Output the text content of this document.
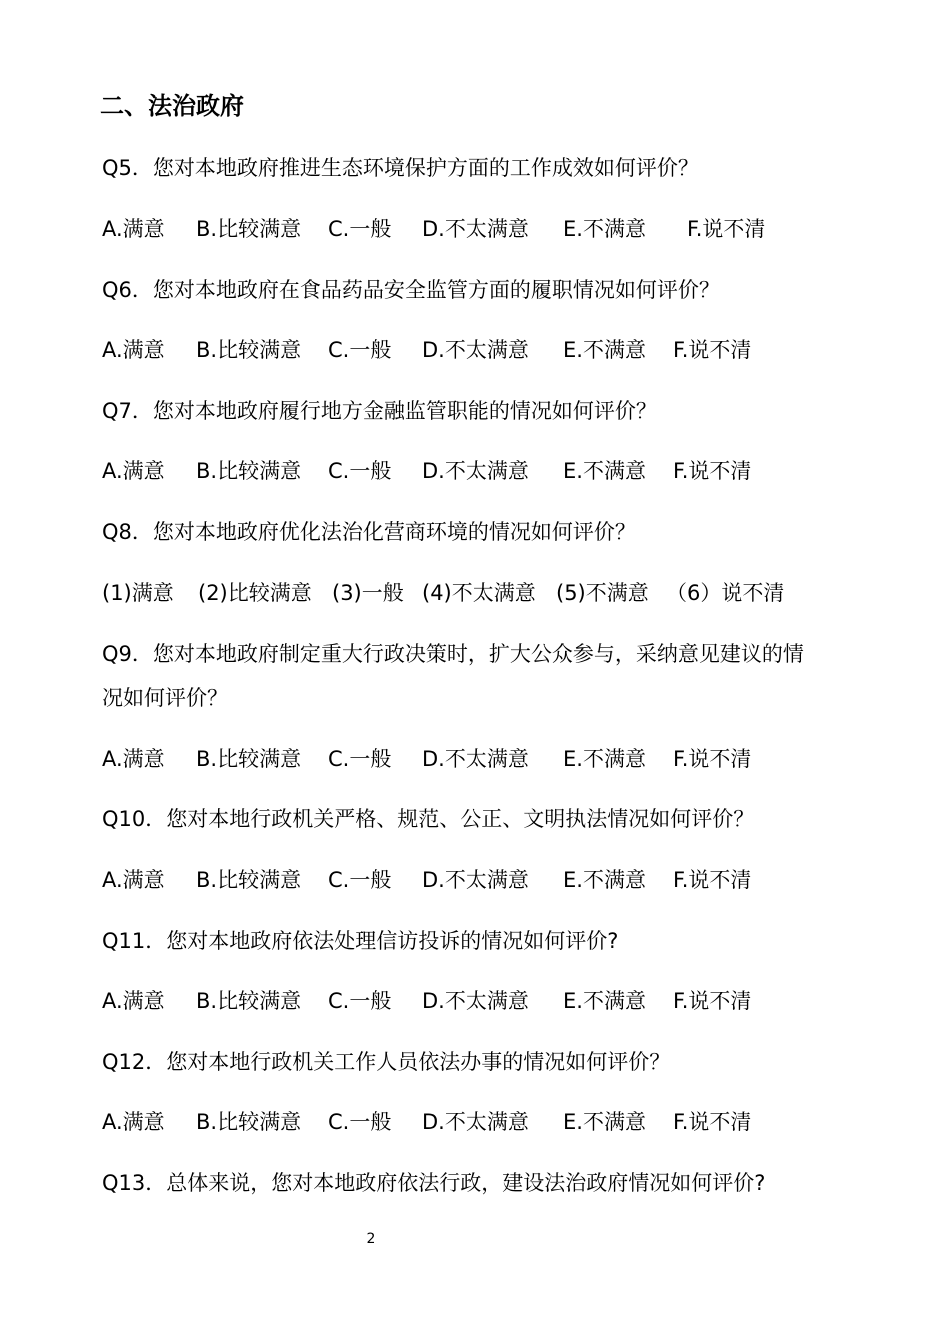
二、法治政府
Q5．您对本地政府推进生态环境保护方面的工作成效如何评价？
A.满意 B.比较满意 C.一般 D.不太满意 E.不满意 F.说不清
Q6．您对本地政府在食品药品安全监管方面的履职情况如何评价？
A.满意 B.比较满意 C.一般 D.不太满意 E.不满意 F.说不清
Q7．您对本地政府履行地方金融监管职能的情况如何评价？
A.满意 B.比较满意 C.一般 D.不太满意 E.不满意 F.说不清
Q8．您对本地政府优化法治化营商环境的情况如何评价？
(1)满意 (2)比较满意 (3)一般 (4)不太满意 (5)不满意 （6）说不清
Q9．您对本地政府制定重大行政决策时，扩大公众参与，采纳意见建议的情
况如何评价？
A.满意 B.比较满意 C.一般 D.不太满意 E.不满意 F.说不清
Q10．您对本地行政机关严格、规范、公正、文明执法情况如何评价？
A.满意 B.比较满意 C.一般 D.不太满意 E.不满意 F.说不清
Q11．您对本地政府依法处理信访投诉的情况如何评价?
A.满意 B.比较满意 C.一般 D.不太满意 E.不满意 F.说不清
Q12．您对本地行政机关工作人员依法办事的情况如何评价？
A.满意 B.比较满意 C.一般 D.不太满意 E.不满意 F.说不清
Q13．总体来说，您对本地政府依法行政，建设法治政府情况如何评价?
2
